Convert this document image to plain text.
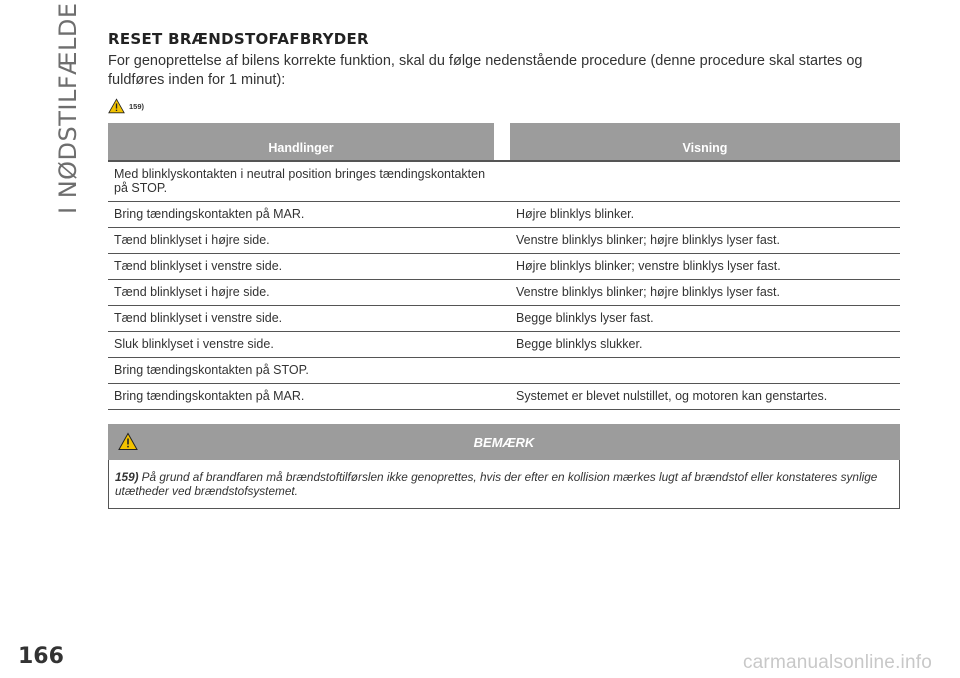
I NØDSTILFÆLDE RESET BRÆNDSTOFAFBRYDER

For genoprettelse af bilens korrekte funktion, skal du følge nedenstående procedure (denne procedure skal startes og fuldføres inden for 1 minut):

159)
Handlinger		Visning
Med blinklyskontakten i neutral position bringes tændingskontakten på STOP.		
Bring tændingskontakten på MAR.		Højre blinklys blinker.
Tænd blinklyset i højre side.		Venstre blinklys blinker; højre blinklys lyser fast.
Tænd blinklyset i venstre side.		Højre blinklys blinker; venstre blinklys lyser fast.
Tænd blinklyset i højre side.		Venstre blinklys blinker; højre blinklys lyser fast.
Tænd blinklyset i venstre side.		Begge blinklys lyser fast.
Sluk blinklyset i venstre side.		Begge blinklys slukker.
Bring tændingskontakten på STOP.		
Bring tændingskontakten på MAR.		Systemet er blevet nulstillet, og motoren kan genstartes.
BEMÆRK
159) På grund af brandfaren må brændstoftilførslen ikke genoprettes, hvis der efter en kollision mærkes lugt af brændstof eller konstateres synlige utætheder ved brændstofsystemet.
166	carmanualsonline.info
